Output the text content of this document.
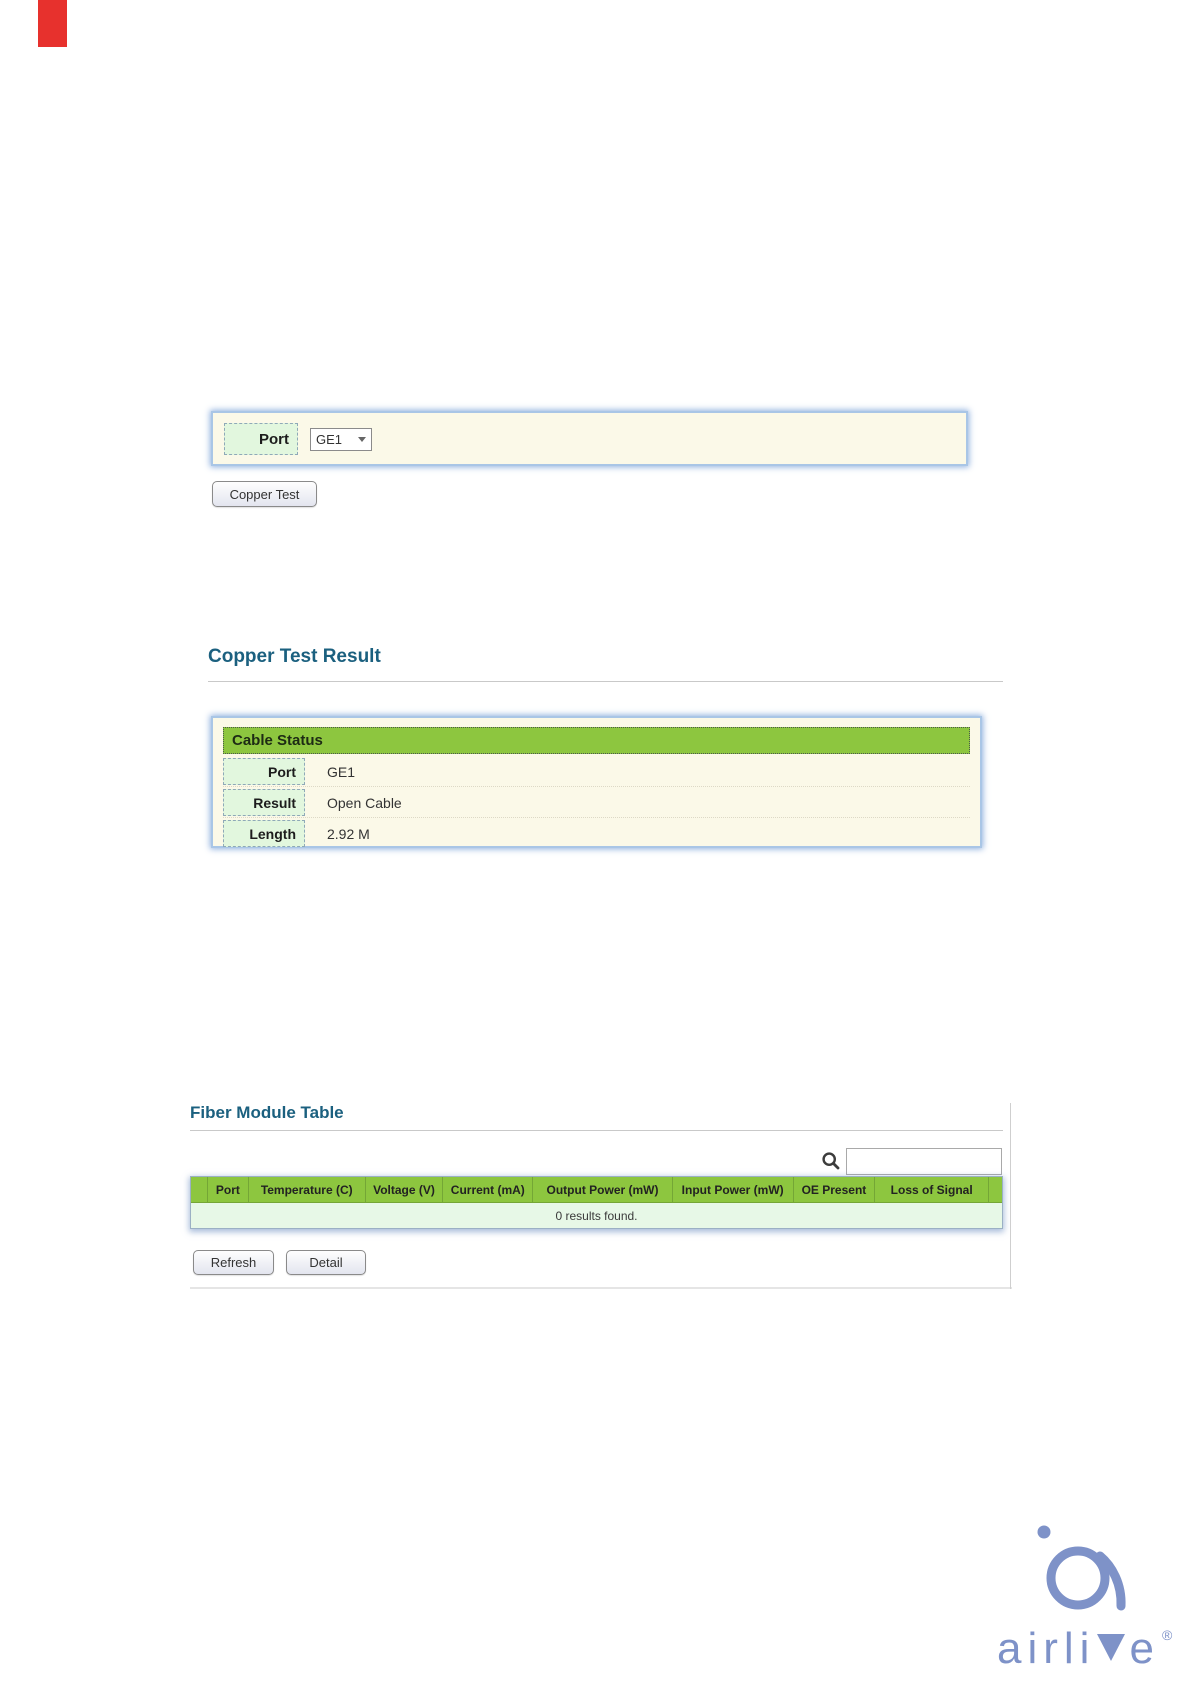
Port GE1
Copper Test
Copper Test Result
Cable Status
Port GE1
Result Open Cable
Length 2.92 M
Fiber Module Table
Port	Temperature (C)	Voltage (V)	Current (mA)	Output Power (mW)	Input Power (mW)	OE Present	Loss of Signal
0 results found.
Refresh	Detail
airli e ®
